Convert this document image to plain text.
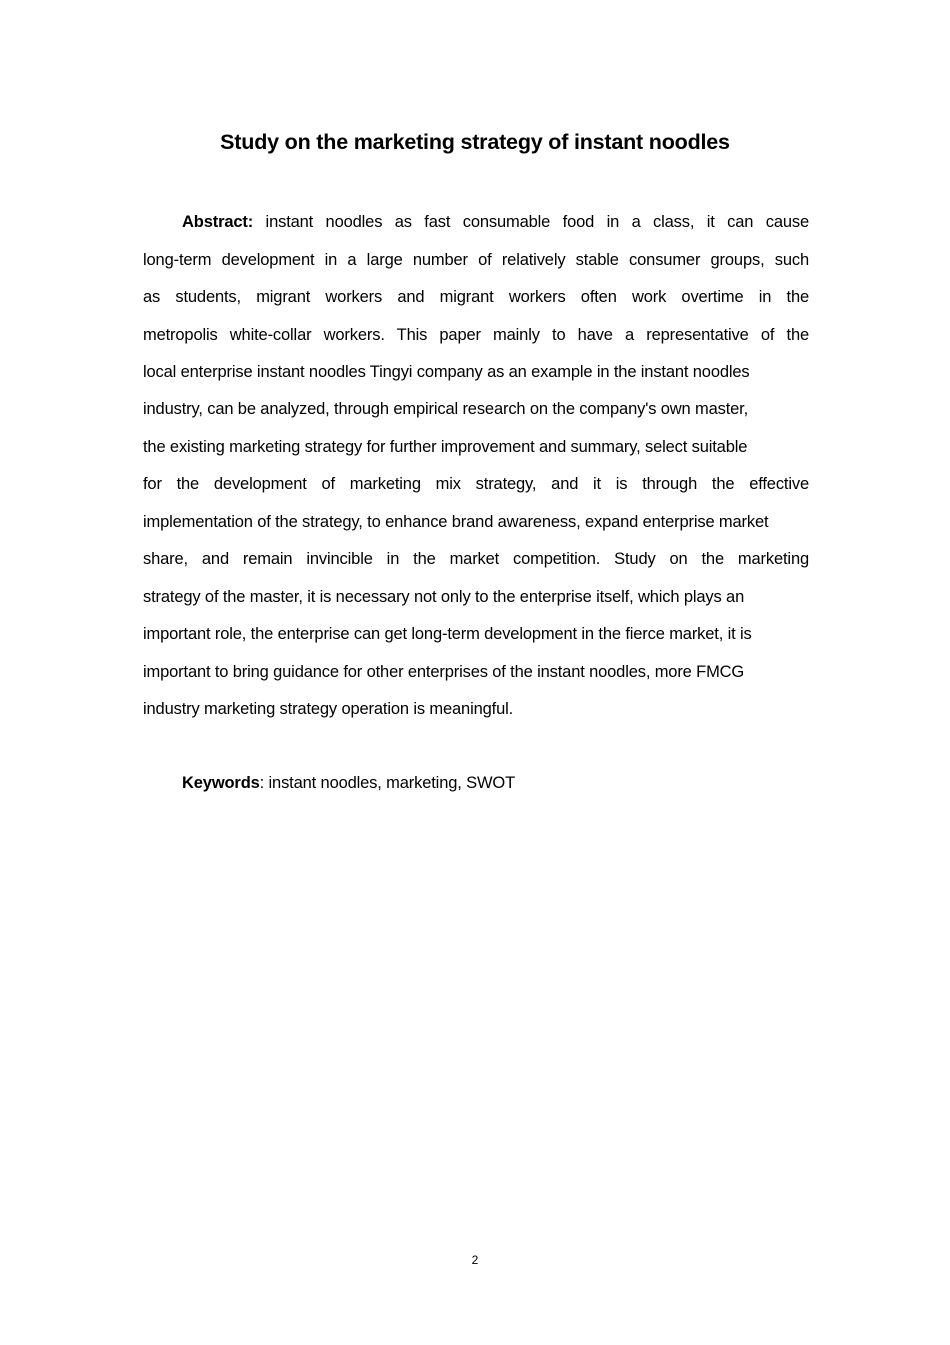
Study on the marketing strategy of instant noodles
Abstract: instant noodles as fast consumable food in a class, it can cause
long-term development in a large number of relatively stable consumer groups, such
as students, migrant workers and migrant workers often work overtime in the
metropolis white-collar workers. This paper mainly to have a representative of the
local enterprise instant noodles Tingyi company as an example in the instant noodles
industry, can be analyzed, through empirical research on the company's own master,
the existing marketing strategy for further improvement and summary, select suitable
for the development of marketing mix strategy, and it is through the effective
implementation of the strategy, to enhance brand awareness, expand enterprise market
share, and remain invincible in the market competition. Study on the marketing
strategy of the master, it is necessary not only to the enterprise itself, which plays an
important role, the enterprise can get long-term development in the fierce market, it is
important to bring guidance for other enterprises of the instant noodles, more FMCG
industry marketing strategy operation is meaningful.
Keywords: instant noodles, marketing, SWOT
2
